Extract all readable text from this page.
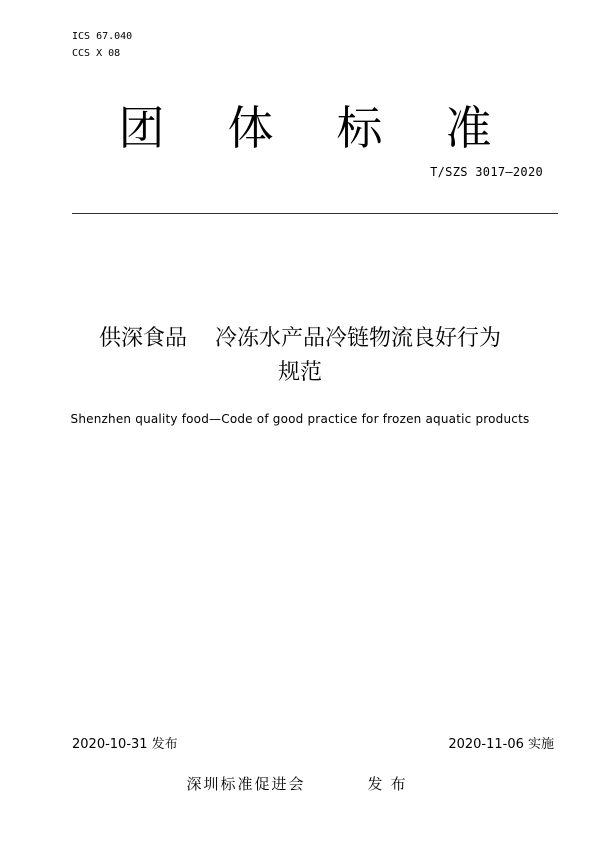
ICS 67.040
CCS X 08
团 体 标 准
T/SZS 3017—2020
供深食品 冷冻水产品冷链物流良好行为
规范
Shenzhen quality food—Code of good practice for frozen aquatic products
2020-10-31 发布	2020-11-06 实施
深圳标准促进会	发布
